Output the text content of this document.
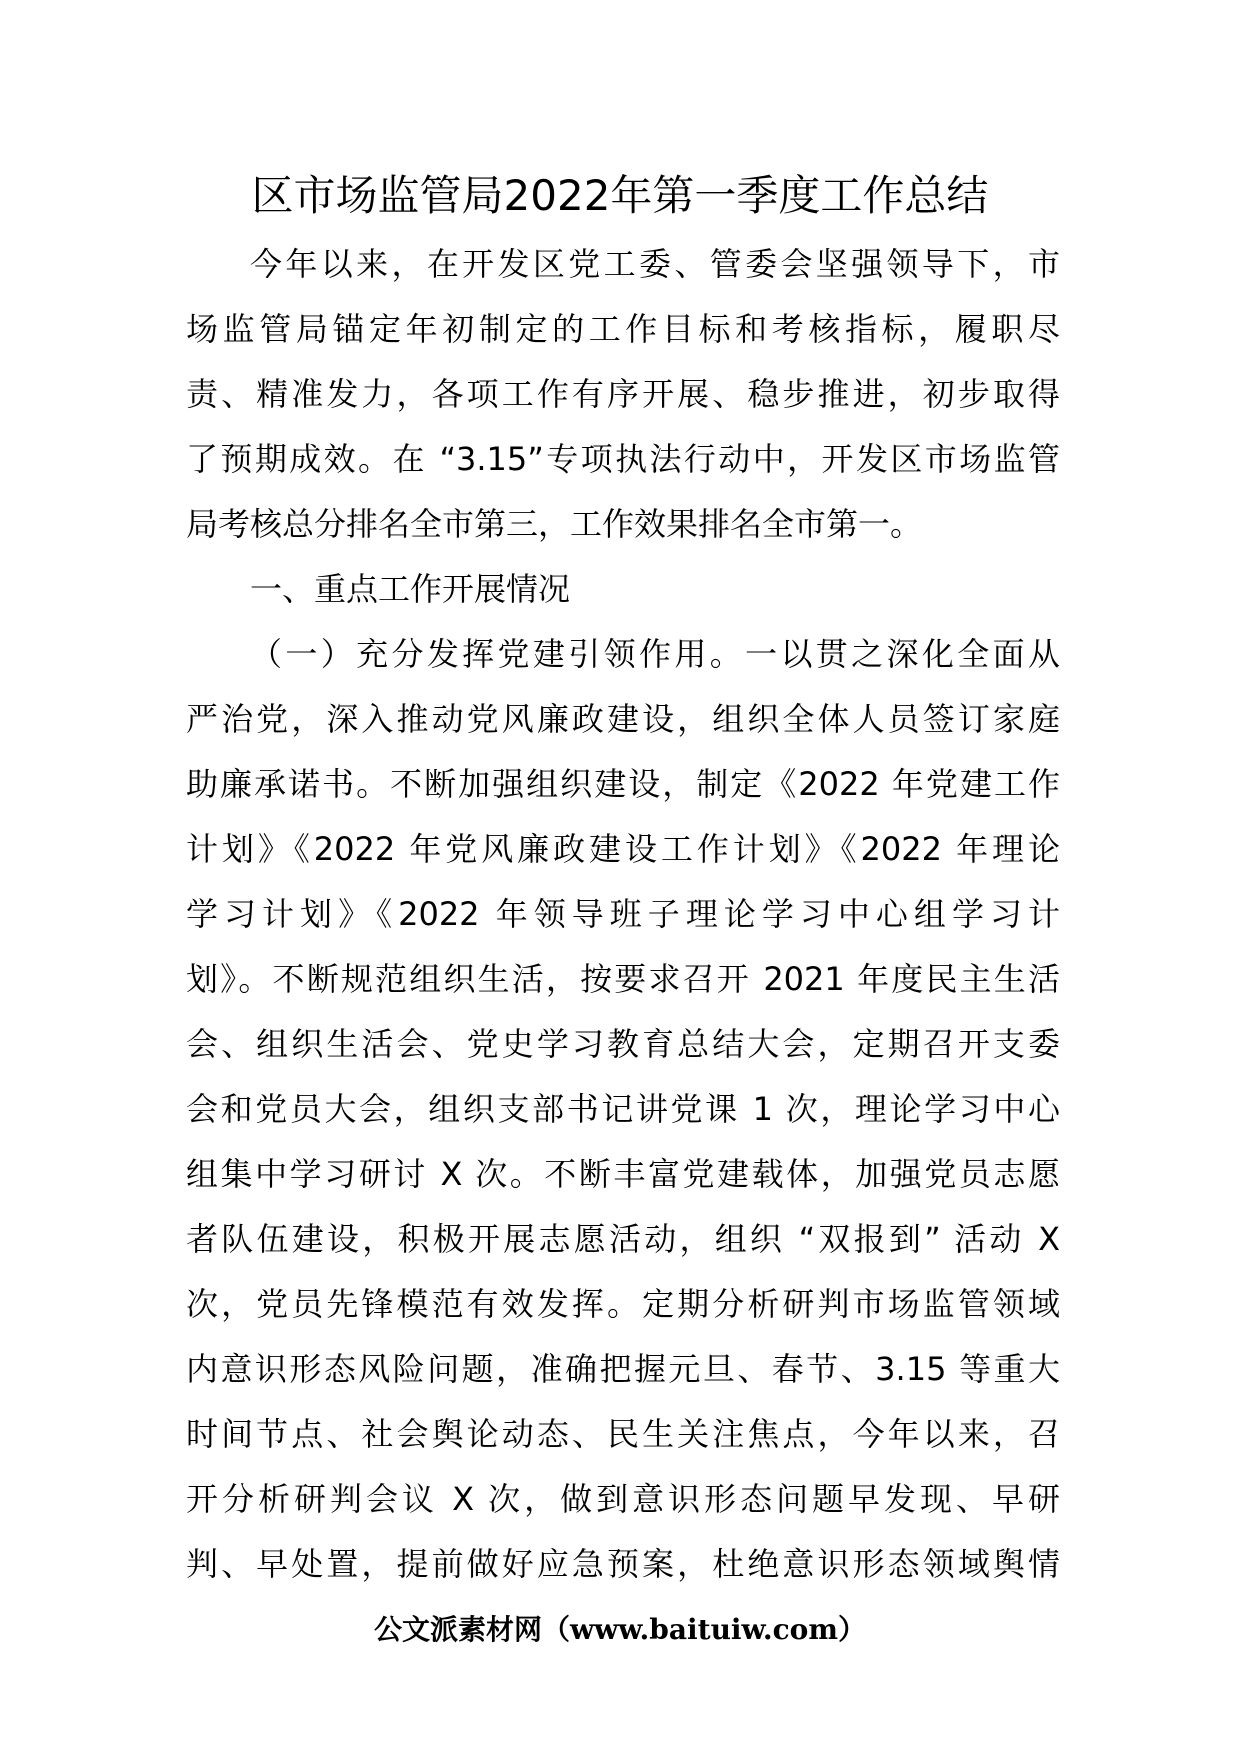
区市场监管局2022年第一季度工作总结
今年以来，在开发区党工委、管委会坚强领导下，市
场监管局锚定年初制定的工作目标和考核指标，履职尽
责、精准发力，各项工作有序开展、稳步推进，初步取得
了预期成效。在 “3.15”专项执法行动中，开发区市场监管
局考核总分排名全市第三，工作效果排名全市第一。
一、重点工作开展情况
（一）充分发挥党建引领作用。一以贯之深化全面从
严治党，深入推动党风廉政建设，组织全体人员签订家庭
助廉承诺书。不断加强组织建设，制定《2022 年党建工作
计划》《2022 年党风廉政建设工作计划》《2022 年理论
学习计划》《2022 年领导班子理论学习中心组学习计
划》。不断规范组织生活，按要求召开 2021 年度民主生活
会、组织生活会、党史学习教育总结大会，定期召开支委
会和党员大会，组织支部书记讲党课 1 次，理论学习中心
组集中学习研讨 X 次。不断丰富党建载体，加强党员志愿
者队伍建设，积极开展志愿活动，组织 “双报到” 活动 X
次，党员先锋模范有效发挥。定期分析研判市场监管领域
内意识形态风险问题，准确把握元旦、春节、3.15 等重大
时间节点、社会舆论动态、民生关注焦点，今年以来，召
开分析研判会议 X 次，做到意识形态问题早发现、早研
判、早处置，提前做好应急预案，杜绝意识形态领域舆情
公文派素材网（www.baituiw.com）
